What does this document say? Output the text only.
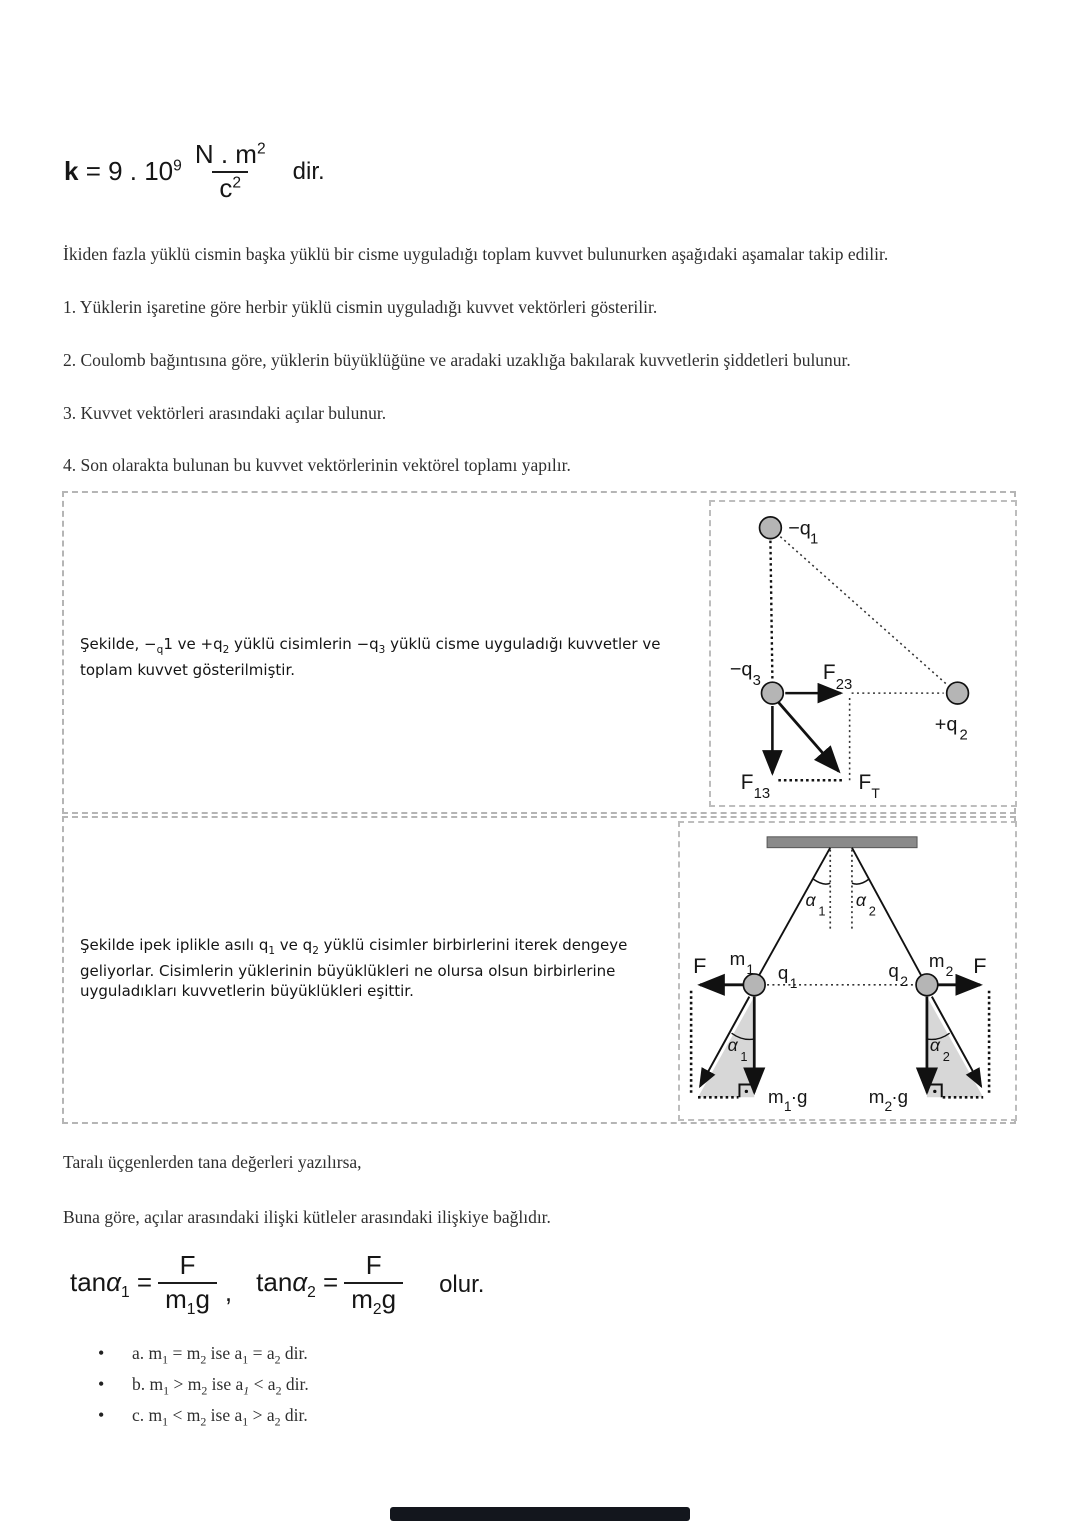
k = 9 . $10^9 \frac{N . m^2}{c^2}$ dir.
İkiden fazla yüklü cismin başka yüklü bir cisme uyguladığı toplam kuvvet bulunurken aşağıdaki aşamalar takip edilir.
1. Yüklerin işaretine göre herbir yüklü cismin uyguladığı kuvvet vektörleri gösterilir.
2. Coulomb bağıntısına göre, yüklerin büyüklüğüne ve aradaki uzaklığa bakılarak kuvvetlerin şiddetleri bulunur.
3. Kuvvet vektörleri arasındaki açılar bulunur.
4. Son olarakta bulunan bu kuvvet vektörlerinin vektörel toplamı yapılır.
Şekilde, $-_q1$ ve $+q_2$ yüklü cisimlerin $-q_3$ yüklü cisme uyguladığı kuvvetler ve toplam kuvvet gösterilmiştir.
−q 1
−q
3
+q 2
F
23
F 13	F T
Şekilde ipek iplikle asılı $q_1$ ve $q_2$ yüklü cisimler birbirlerini iterek dengeye geliyorlar. Cisimlerin yüklerinin büyüklükleri ne olursa olsun birbirlerine uyguladıkları kuvvetlerin büyüklükleri eşittir.
F	F
m 1 q 1
q 2
m 2
α
1
α
2
α
1
α
2
m 1 ·g	m 2 ·g
Taralı üçgenlerden tana değerleri yazılırsa,
Buna göre, açılar arasındaki ilişki kütleler arasındaki ilişkiye bağlıdır.
$\tan\alpha_1 = \frac{F}{m_1g}$ , $\tan\alpha_2 = \frac{F}{m_2g}$ olur.
• a. $m_1 = m_2$ ise $a_1 = a_2$ dir.
• b. $m_1 > m_2$ ise $a_1 < a_2$ dir.
• c. $m_1 < m_2$ ise $a_1 > a_2$ dir.
